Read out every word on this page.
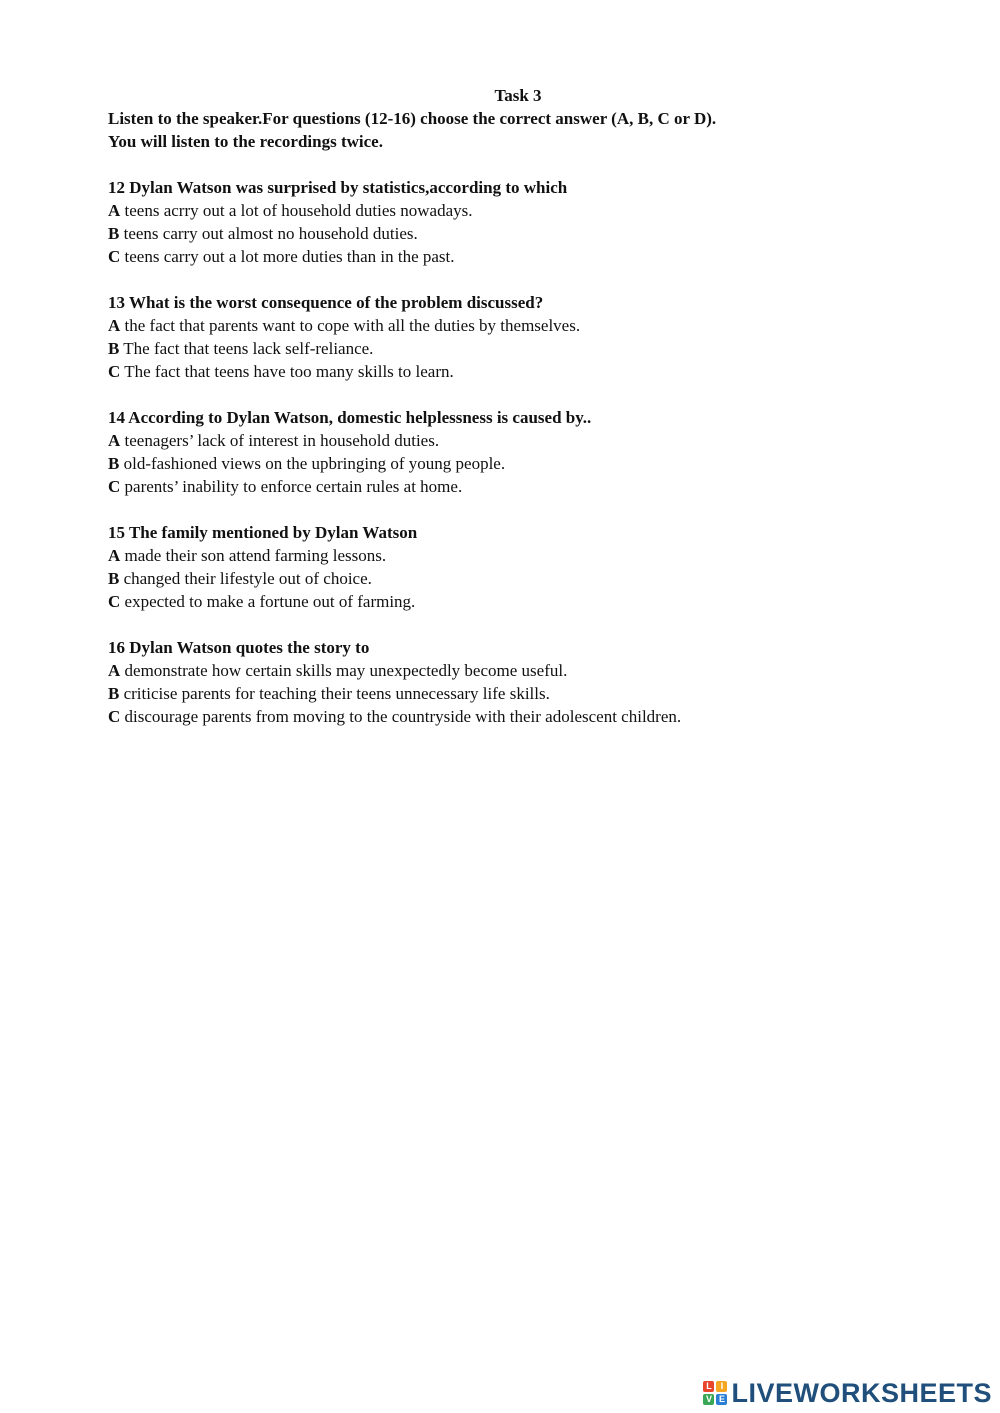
Task 3
Listen to the speaker.For questions (12-16) choose the correct answer (A, B, C or D).
You will listen to the recordings twice.
12 Dylan Watson was surprised by statistics,according to which
A teens acrry out a lot of household duties nowadays.
B teens carry out almost no household duties.
C teens carry out a lot more duties than in the past.
13 What is the worst consequence of the problem discussed?
A the fact that parents want to cope with all the duties by themselves.
B The fact that teens lack self-reliance.
C The fact that teens have too many skills to learn.
14 According to Dylan Watson, domestic helplessness is caused by..
A teenagers’ lack of interest in household duties.
B old-fashioned views on the upbringing of young people.
C parents’ inability to enforce certain rules at home.
15 The family mentioned by Dylan Watson
A made their son attend farming lessons.
B changed their lifestyle out of choice.
C expected to make a fortune out of farming.
16 Dylan Watson quotes the story to
A demonstrate how certain skills may unexpectedly become useful.
B criticise parents for teaching their teens unnecessary life skills.
C discourage parents from moving to the countryside with their adolescent children.
L I
V E LIVEWORKSHEETS
